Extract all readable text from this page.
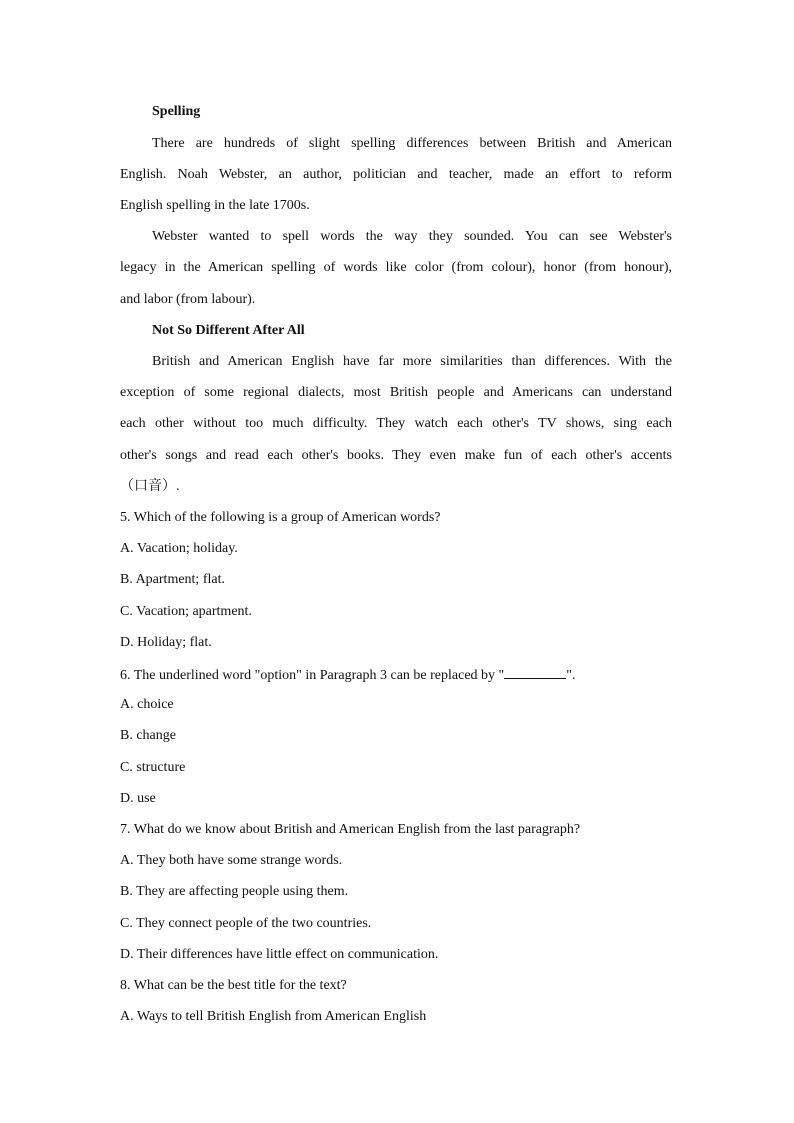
Spelling
There are hundreds of slight spelling differences between British and American
English. Noah Webster, an author, politician and teacher, made an effort to reform
English spelling in the late 1700s.
Webster wanted to spell words the way they sounded. You can see Webster's
legacy in the American spelling of words like color (from colour), honor (from honour),
and labor (from labour).
Not So Different After All
British and American English have far more similarities than differences. With the
exception of some regional dialects, most British people and Americans can understand
each other without too much difficulty. They watch each other's TV shows, sing each
other's songs and read each other's books. They even make fun of each other's accents
（口音）.
5. Which of the following is a group of American words?
A. Vacation; holiday.
B. Apartment; flat.
C. Vacation; apartment.
D. Holiday; flat.
6. The underlined word "option" in Paragraph 3 can be replaced by "	".
A. choice
B. change
C. structure
D. use
7. What do we know about British and American English from the last paragraph?
A. They both have some strange words.
B. They are affecting people using them.
C. They connect people of the two countries.
D. Their differences have little effect on communication.
8. What can be the best title for the text?
A. Ways to tell British English from American English
